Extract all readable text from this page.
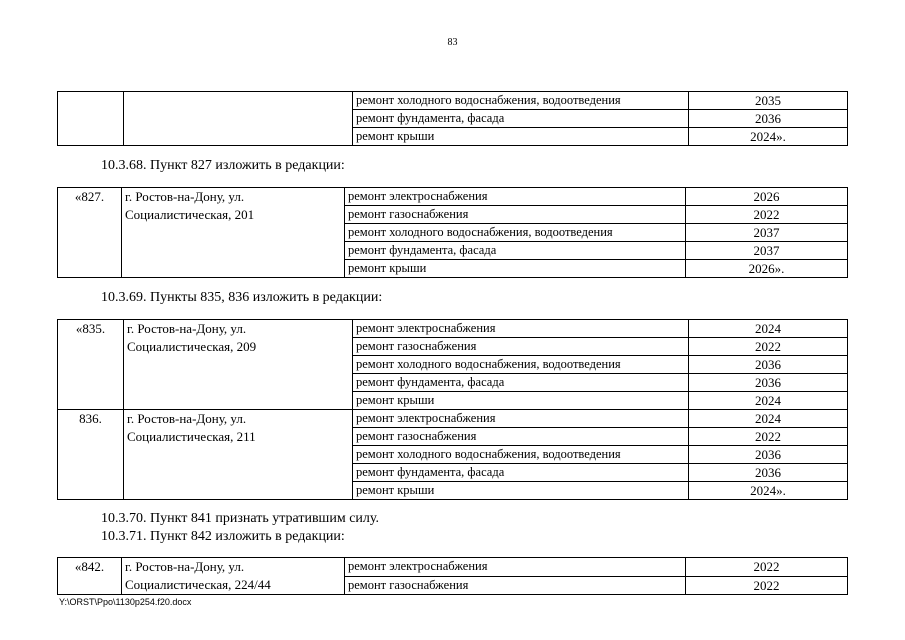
83
		ремонт холодного водоснабжения, водоотведения	2035
		ремонт фундамента, фасада	2036
		ремонт крыши	2024».
10.3.68. Пункт 827 изложить в редакции:
«827.	г. Ростов-на-Дону, ул. Социалистическая, 201	ремонт электроснабжения	2026
		ремонт газоснабжения	2022
		ремонт холодного водоснабжения, водоотведения	2037
		ремонт фундамента, фасада	2037
		ремонт крыши	2026».
10.3.69. Пункты 835, 836 изложить в редакции:
«835.	г. Ростов-на-Дону, ул. Социалистическая, 209	ремонт электроснабжения	2024
		ремонт газоснабжения	2022
		ремонт холодного водоснабжения, водоотведения	2036
		ремонт фундамента, фасада	2036
		ремонт крыши	2024
836.	г. Ростов-на-Дону, ул. Социалистическая, 211	ремонт электроснабжения	2024
		ремонт газоснабжения	2022
		ремонт холодного водоснабжения, водоотведения	2036
		ремонт фундамента, фасада	2036
		ремонт крыши	2024».
10.3.70. Пункт 841 признать утратившим силу.
10.3.71. Пункт 842 изложить в редакции:
«842.	г. Ростов-на-Дону, ул. Социалистическая, 224/44	ремонт электроснабжения	2022
		ремонт газоснабжения	2022
Y:\ORST\Ppo\1130p254.f20.docx
